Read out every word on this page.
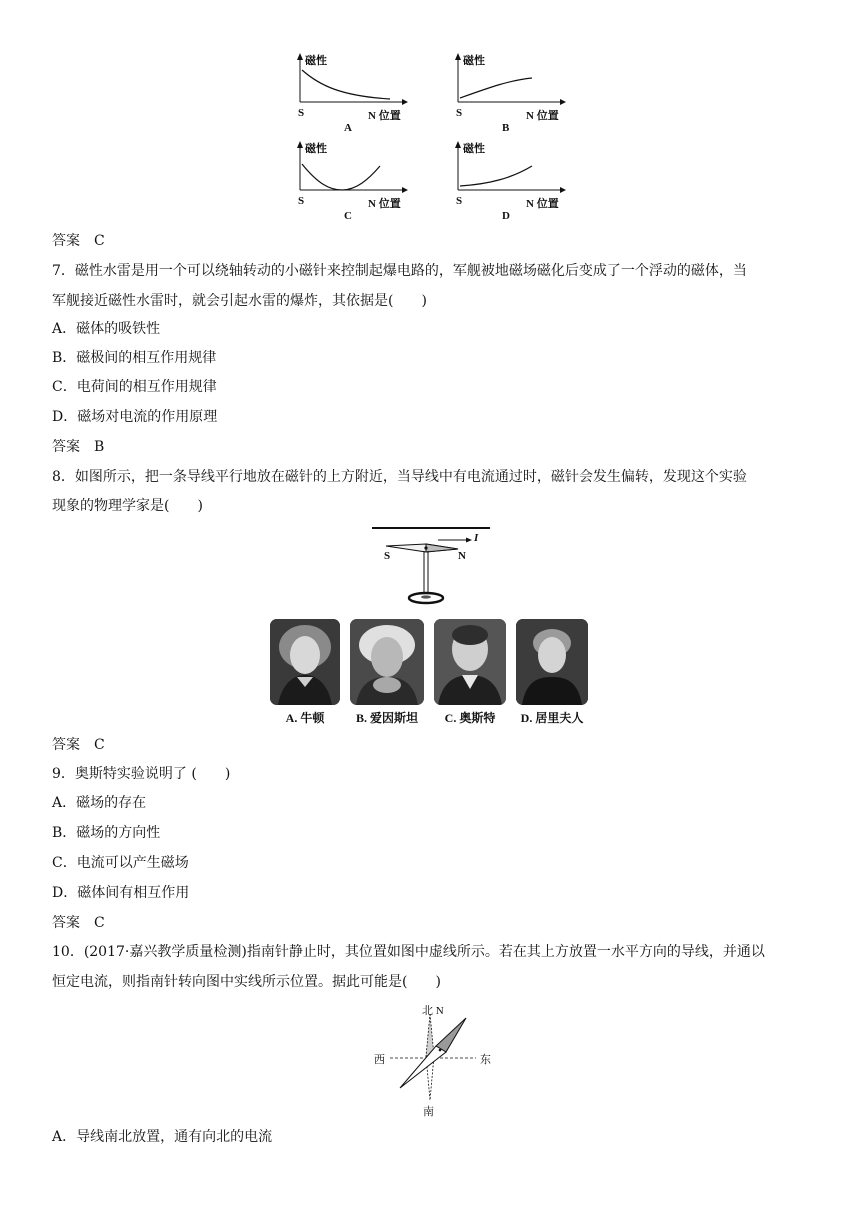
磁性
S	N 位置
A
磁性
S	N 位置
B
磁性
S	N 位置
C
磁性
S	N 位置
D
答案　C
7．磁性水雷是用一个可以绕轴转动的小磁针来控制起爆电路的，军舰被地磁场磁化后变成了一个浮动的磁体，当
军舰接近磁性水雷时，就会引起水雷的爆炸，其依据是(　　)
A．磁体的吸铁性
B．磁极间的相互作用规律
C．电荷间的相互作用规律
D．磁场对电流的作用原理
答案　B
8．如图所示，把一条导线平行地放在磁针的上方附近，当导线中有电流通过时，磁针会发生偏转，发现这个实验
现象的物理学家是(　　)
S	N
I
A. 牛顿	B. 爱因斯坦	C. 奥斯特	D. 居里夫人
答案　C
9．奥斯特实验说明了 (　　)
A．磁场的存在
B．磁场的方向性
C．电流可以产生磁场
D．磁体间有相互作用
答案　C
10．(2017·嘉兴教学质量检测)指南针静止时，其位置如图中虚线所示。若在其上方放置一水平方向的导线，并通以
恒定电流，则指南针转向图中实线所示位置。据此可能是(　　)
北 N
西	东
南
A．导线南北放置，通有向北的电流
